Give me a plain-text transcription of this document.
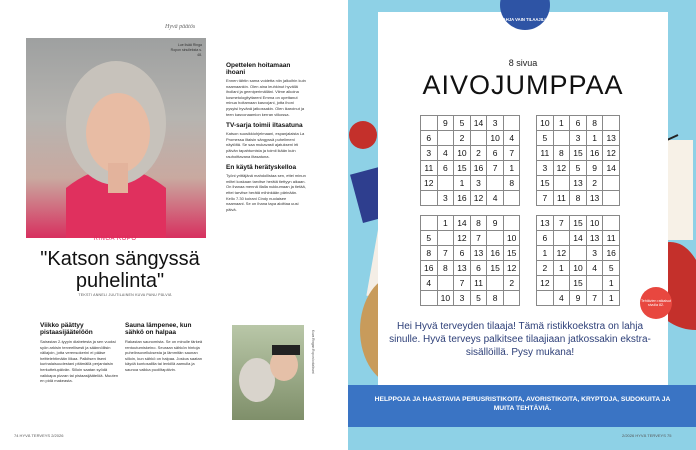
Hyvä päätös
Lue lisää Ringa Ropon sinulleksta s. 48.
RINGA ROPO
"Katson sängyssä puhelinta"
TEKSTI ANNELI JUUTILAINEN KUVA PANU PÄLVIÄ
Viikko päättyy pistaasijäätelöön
Sairastan 2-tyypin diabetesta ja sen vuoksi syön arkisin terveellisesti ja säännöllisin väliajoin, jotta verensokerini ei pääse heittelehtimään liikaa. Palkitsen itseni kurinalaisuudestani pitämällä perjantaisin herkuttelupäivän. Silloin saatan syödä vaikkapa pizzan tai pistaasijäätelöä. Muuten en pidä makeasta.
Sauna lämpenee, kun sähkö on halpaa
Rakastan saunomista. Se on minulle tärkeä rentoutumiskeino. Seuraan sähkön hintoja puhelinsovelluksesta ja lämmitän saunan silloin, kun sähkö on halpaa. Joskus saatan käydä kuntosalilla tai lenkillä aamulla ja saunoa vaikka puoliltapäivin.
Opettelen hoitamaan ihoani
Ennen tähtin sama voidetta niin jalkoihin kuin naamaankin. Olen aina leuhkinut hyvällä ihollani ja geeniperimälläni. Viime aikoina kosmetologityttareni Emma on opettanut minua hoitamaan kasvojani, jotta ihoni pysyisi hyvänä jatkossakin. Olen ikaroinut ja teen kasvonaamion kerran viikossa.
TV-sarja toimii iltasatuna
Katson suosikkiohjelmaani, espanjalaista La Promessa iltaisin sängyssä puhelimeni näytöltä. Se saa mukavasti ajatukseni irti päivän tapahtumista ja toimii ikään kuin rauhoittavana iltasatuna.
En käytä herätyskelloa
Työni yrittäjänä mahdollistaa sen, ettei minun miltei koskaan tarvitse herätä tiettyyn aikaan. On ihanaa mennä illalla nukkumaan ja tietää, ettei tarvitse herätä mihinkään pärinään. Kello 7.30 koirani Cindy nuolaisee naamaani. Se on ihana tapa aloittaa uusi päivä.
Kuva Ringan Ropon kotialbumi
74 HYVÄ TERVEYS 2/2026
LAHJA VAIN TILAAJILLE
8 sivua
AIVOJUMPPAA
	9	5	14	3			10	1	6	8	
6		2		10	4		5		3	1	13
3	4	10	2	6	7		11	8	15	16	12
11	6	15	16	7	1		3	12	5	9	14
12		1	3		8		15		13	2	
	3	16	12	4			7	11	8	13	

	1	14	8	9			13	7	15	10	
5		12	7		10		6		14	13	11
8	7	6	13	16	15		1	12		3	16
16	8	13	6	15	12		2	1	10	4	5
4		7	11		2		12		15		1
	10	3	5	8				4	9	7	1	Tehtävien ratkaisut sivulla 82.
Hei Hyvä terveyden tilaaja! Tämä ristikkoekstra on lahja sinulle. Hyvä terveys palkitsee tilaajiaan jatkossakin ekstra-sisällöillä. Pysy mukana!
HELPPOJA JA HAASTAVIA PERUSRISTIKOITA, AVORISTIKOITA, KRYPTOJA, SUDOKUITA JA MUITA TEHTÄVIÄ.
2/2026 HYVÄ TERVEYS 75
